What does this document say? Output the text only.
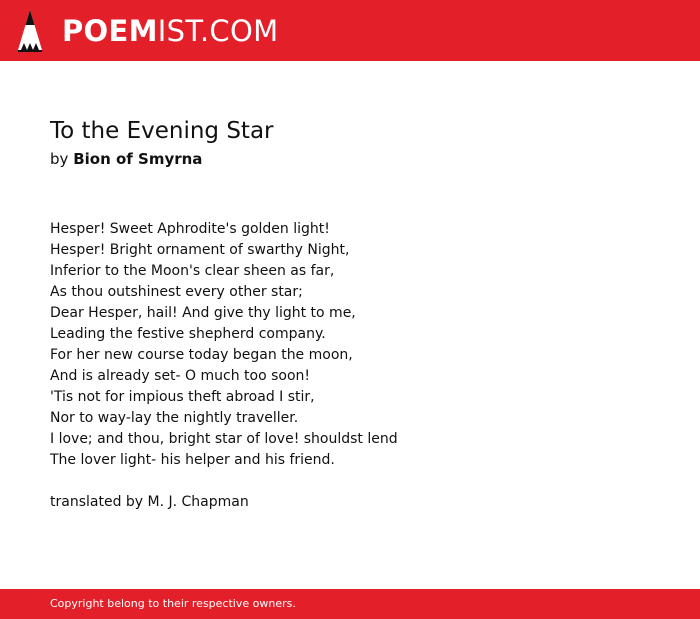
POEMIST.COM
To the Evening Star
by Bion of Smyrna
Hesper! Sweet Aphrodite's golden light!
Hesper! Bright ornament of swarthy Night,
Inferior to the Moon's clear sheen as far,
As thou outshinest every other star;
Dear Hesper, hail! And give thy light to me,
Leading the festive shepherd company.
For her new course today began the moon,
And is already set- O much too soon!
'Tis not for impious theft abroad I stir,
Nor to way-lay the nightly traveller.
I love; and thou, bright star of love! shouldst lend
The lover light- his helper and his friend.
translated by M. J. Chapman
Copyright belong to their respective owners.
